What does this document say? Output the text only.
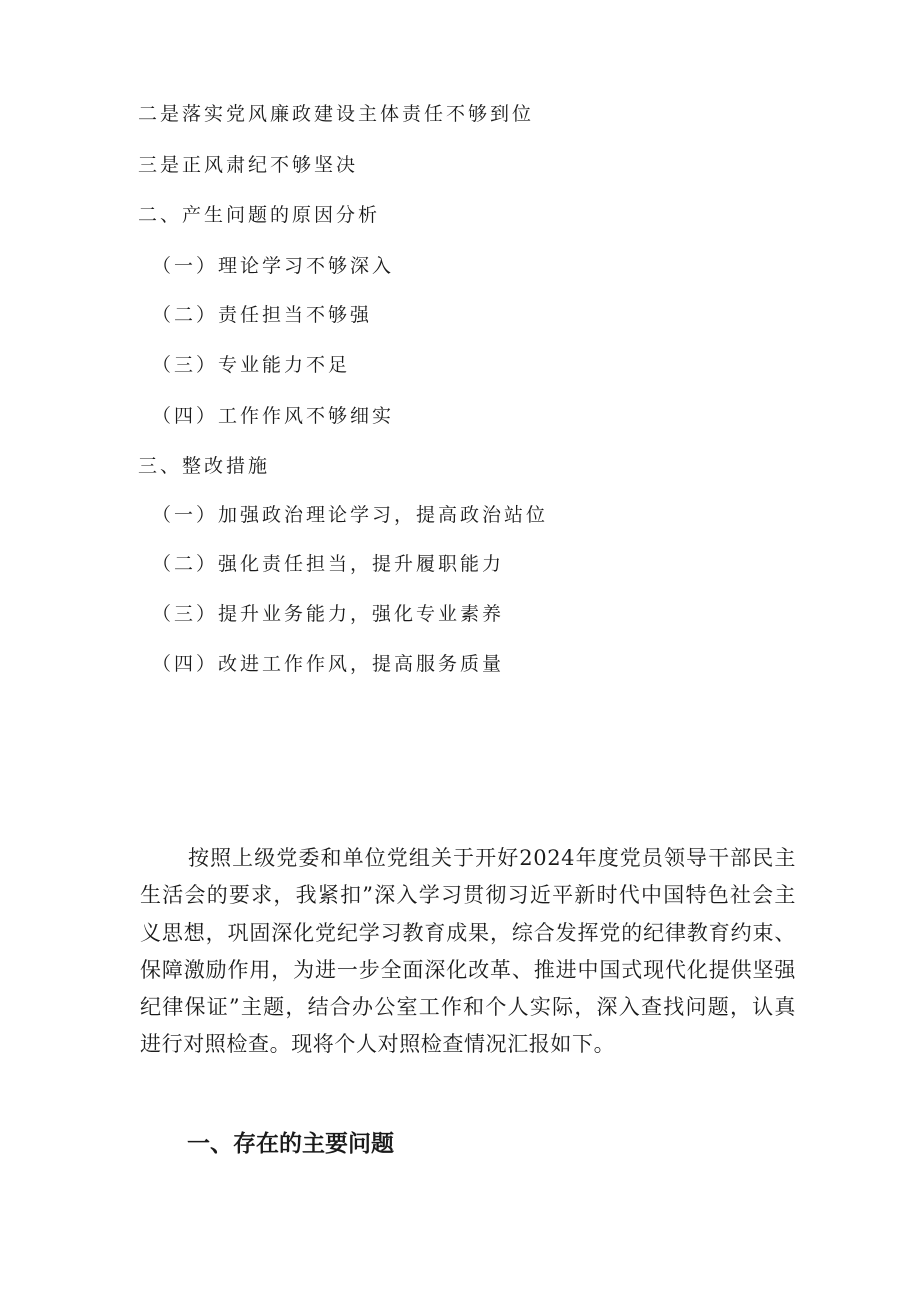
二是落实党风廉政建设主体责任不够到位
三是正风肃纪不够坚决
二、产生问题的原因分析
（一）理论学习不够深入
（二）责任担当不够强
（三）专业能力不足
（四）工作作风不够细实
三、整改措施
（一）加强政治理论学习，提高政治站位
（二）强化责任担当，提升履职能力
（三）提升业务能力，强化专业素养
（四）改进工作作风，提高服务质量

按照上级党委和单位党组关于开好2024年度党员领导干部民主生活会的要求，我紧扣”深入学习贯彻习近平新时代中国特色社会主义思想，巩固深化党纪学习教育成果，综合发挥党的纪律教育约束、保障激励作用，为进一步全面深化改革、推进中国式现代化提供坚强纪律保证”主题，结合办公室工作和个人实际，深入查找问题，认真进行对照检查。现将个人对照检查情况汇报如下。

一、存在的主要问题
